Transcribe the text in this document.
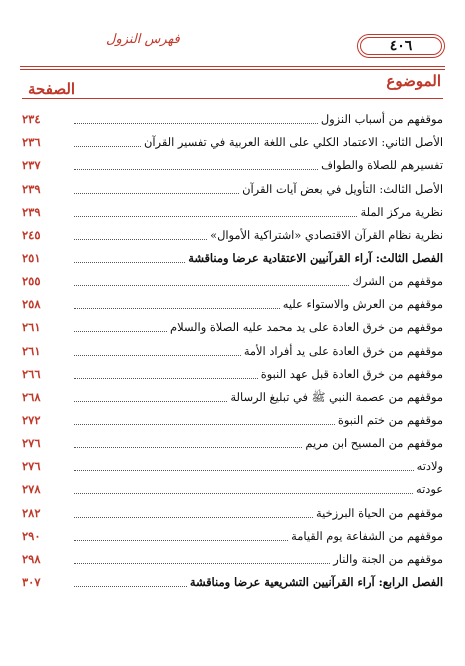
فهرس النزول	٤٠٦
الموضوع
الصفحة
موقفهم من أسباب النزول
٢٣٤
الأصل الثاني: الاعتماد الكلي على اللغة العربية في تفسير القرآن
٢٣٦
تفسيرهم للصلاة والطواف
٢٣٧
الأصل الثالث: التأويل في بعض آيات القرآن
٢٣٩
نظرية مركز الملة
٢٣٩
نظرية نظام القرآن الاقتصادي «اشتراكية الأموال»
٢٤٥
الفصل الثالث: آراء القرآنيين الاعتقادية عرضا ومناقشة
٢٥١
موقفهم من الشرك
٢٥٥
موقفهم من العرش والاستواء عليه
٢٥٨
موقفهم من خرق العادة على يد محمد عليه الصلاة والسلام
٢٦١
موقفهم من خرق العادة على يد أفراد الأمة
٢٦١
موقفهم من خرق العادة قبل عهد النبوة
٢٦٦
موقفهم من عصمة النبي ﷺ في تبليغ الرسالة
٢٦٨
موقفهم من ختم النبوة
٢٧٢
موقفهم من المسيح ابن مريم
٢٧٦
ولادته
٢٧٦
عودته
٢٧٨
موقفهم من الحياة البرزخية
٢٨٢
موقفهم من الشفاعة يوم القيامة
٢٩٠
موقفهم من الجنة والنار
٢٩٨
الفصل الرابع: آراء القرآنيين التشريعية عرضا ومناقشة
٣٠٧
